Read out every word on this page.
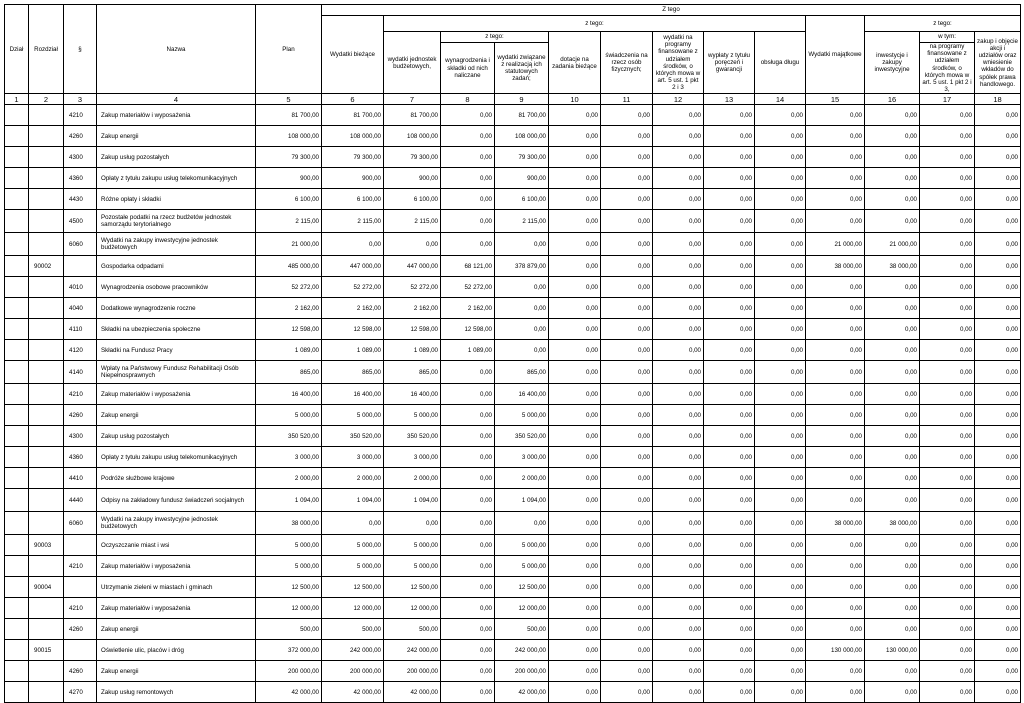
Dział	Rozdział	§	Nazwa	Plan	Z tego												
					Wydatki bieżące	z tego:								Wydatki majątkowe	z tego:		
						wydatki jednostek budżetowych,	z tego:		dotacje na zadania bieżące	świadczenia na rzecz osób fizycznych;	wydatki na programy finansowane z udziałem środków, o których mowa w art. 5 ust. 1 pkt 2 i 3	wypłaty z tytułu poręczeń i gwarancji	obsługa długu		inwestycje i zakupy inwestycyjne	w tym:	zakup i objęcie akcji i udziałów oraz wniesienie wkładów do spółek prawa handlowego.
							wynagrodzenia i składki od nich naliczane	wydatki związane z realizacją ich statutowych zadań;								na programy finansowane z udziałem środków, o których mowa w art. 5 ust. 1 pkt 2 i 3,	

1	2	3	4	5	6	7	8	9	10	11	12	13	14	15	16	17	18
		4210	Zakup materiałów i wyposażenia	81 700,00	81 700,00	81 700,00	0,00	81 700,00	0,00	0,00	0,00	0,00	0,00	0,00	0,00	0,00	0,00
		4260	Zakup energii	108 000,00	108 000,00	108 000,00	0,00	108 000,00	0,00	0,00	0,00	0,00	0,00	0,00	0,00	0,00	0,00
		4300	Zakup usług pozostałych	79 300,00	79 300,00	79 300,00	0,00	79 300,00	0,00	0,00	0,00	0,00	0,00	0,00	0,00	0,00	0,00
		4360	Opłaty z tytułu zakupu usług telekomunikacyjnych	900,00	900,00	900,00	0,00	900,00	0,00	0,00	0,00	0,00	0,00	0,00	0,00	0,00	0,00
		4430	Różne opłaty i składki	6 100,00	6 100,00	6 100,00	0,00	6 100,00	0,00	0,00	0,00	0,00	0,00	0,00	0,00	0,00	0,00
		4500	Pozostałe podatki na rzecz budżetów jednostek samorządu terytorialnego	2 115,00	2 115,00	2 115,00	0,00	2 115,00	0,00	0,00	0,00	0,00	0,00	0,00	0,00	0,00	0,00
		6060	Wydatki na zakupy inwestycyjne jednostek budżetowych	21 000,00	0,00	0,00	0,00	0,00	0,00	0,00	0,00	0,00	0,00	21 000,00	21 000,00	0,00	0,00
	90002		Gospodarka odpadami	485 000,00	447 000,00	447 000,00	68 121,00	378 879,00	0,00	0,00	0,00	0,00	0,00	38 000,00	38 000,00	0,00	0,00
		4010	Wynagrodzenia osobowe pracowników	52 272,00	52 272,00	52 272,00	52 272,00	0,00	0,00	0,00	0,00	0,00	0,00	0,00	0,00	0,00	0,00
		4040	Dodatkowe wynagrodzenie roczne	2 162,00	2 162,00	2 162,00	2 162,00	0,00	0,00	0,00	0,00	0,00	0,00	0,00	0,00	0,00	0,00
		4110	Składki na ubezpieczenia społeczne	12 598,00	12 598,00	12 598,00	12 598,00	0,00	0,00	0,00	0,00	0,00	0,00	0,00	0,00	0,00	0,00
		4120	Składki na Fundusz Pracy	1 089,00	1 089,00	1 089,00	1 089,00	0,00	0,00	0,00	0,00	0,00	0,00	0,00	0,00	0,00	0,00
		4140	Wpłaty na Państwowy Fundusz Rehabilitacji Osób Niepełnosprawnych	865,00	865,00	865,00	0,00	865,00	0,00	0,00	0,00	0,00	0,00	0,00	0,00	0,00	0,00
		4210	Zakup materiałów i wyposażenia	16 400,00	16 400,00	16 400,00	0,00	16 400,00	0,00	0,00	0,00	0,00	0,00	0,00	0,00	0,00	0,00
		4260	Zakup energii	5 000,00	5 000,00	5 000,00	0,00	5 000,00	0,00	0,00	0,00	0,00	0,00	0,00	0,00	0,00	0,00
		4300	Zakup usług pozostałych	350 520,00	350 520,00	350 520,00	0,00	350 520,00	0,00	0,00	0,00	0,00	0,00	0,00	0,00	0,00	0,00
		4360	Opłaty z tytułu zakupu usług telekomunikacyjnych	3 000,00	3 000,00	3 000,00	0,00	3 000,00	0,00	0,00	0,00	0,00	0,00	0,00	0,00	0,00	0,00
		4410	Podróże służbowe krajowe	2 000,00	2 000,00	2 000,00	0,00	2 000,00	0,00	0,00	0,00	0,00	0,00	0,00	0,00	0,00	0,00
		4440	Odpisy na zakładowy fundusz świadczeń socjalnych	1 094,00	1 094,00	1 094,00	0,00	1 094,00	0,00	0,00	0,00	0,00	0,00	0,00	0,00	0,00	0,00
		6060	Wydatki na zakupy inwestycyjne jednostek budżetowych	38 000,00	0,00	0,00	0,00	0,00	0,00	0,00	0,00	0,00	0,00	38 000,00	38 000,00	0,00	0,00
	90003		Oczyszczanie miast i wsi	5 000,00	5 000,00	5 000,00	0,00	5 000,00	0,00	0,00	0,00	0,00	0,00	0,00	0,00	0,00	0,00
		4210	Zakup materiałów i wyposażenia	5 000,00	5 000,00	5 000,00	0,00	5 000,00	0,00	0,00	0,00	0,00	0,00	0,00	0,00	0,00	0,00
	90004		Utrzymanie zieleni w miastach i gminach	12 500,00	12 500,00	12 500,00	0,00	12 500,00	0,00	0,00	0,00	0,00	0,00	0,00	0,00	0,00	0,00
		4210	Zakup materiałów i wyposażenia	12 000,00	12 000,00	12 000,00	0,00	12 000,00	0,00	0,00	0,00	0,00	0,00	0,00	0,00	0,00	0,00
		4260	Zakup energii	500,00	500,00	500,00	0,00	500,00	0,00	0,00	0,00	0,00	0,00	0,00	0,00	0,00	0,00
	90015		Oświetlenie ulic, placów i dróg	372 000,00	242 000,00	242 000,00	0,00	242 000,00	0,00	0,00	0,00	0,00	0,00	130 000,00	130 000,00	0,00	0,00
		4260	Zakup energii	200 000,00	200 000,00	200 000,00	0,00	200 000,00	0,00	0,00	0,00	0,00	0,00	0,00	0,00	0,00	0,00
		4270	Zakup usług remontowych	42 000,00	42 000,00	42 000,00	0,00	42 000,00	0,00	0,00	0,00	0,00	0,00	0,00	0,00	0,00	0,00
